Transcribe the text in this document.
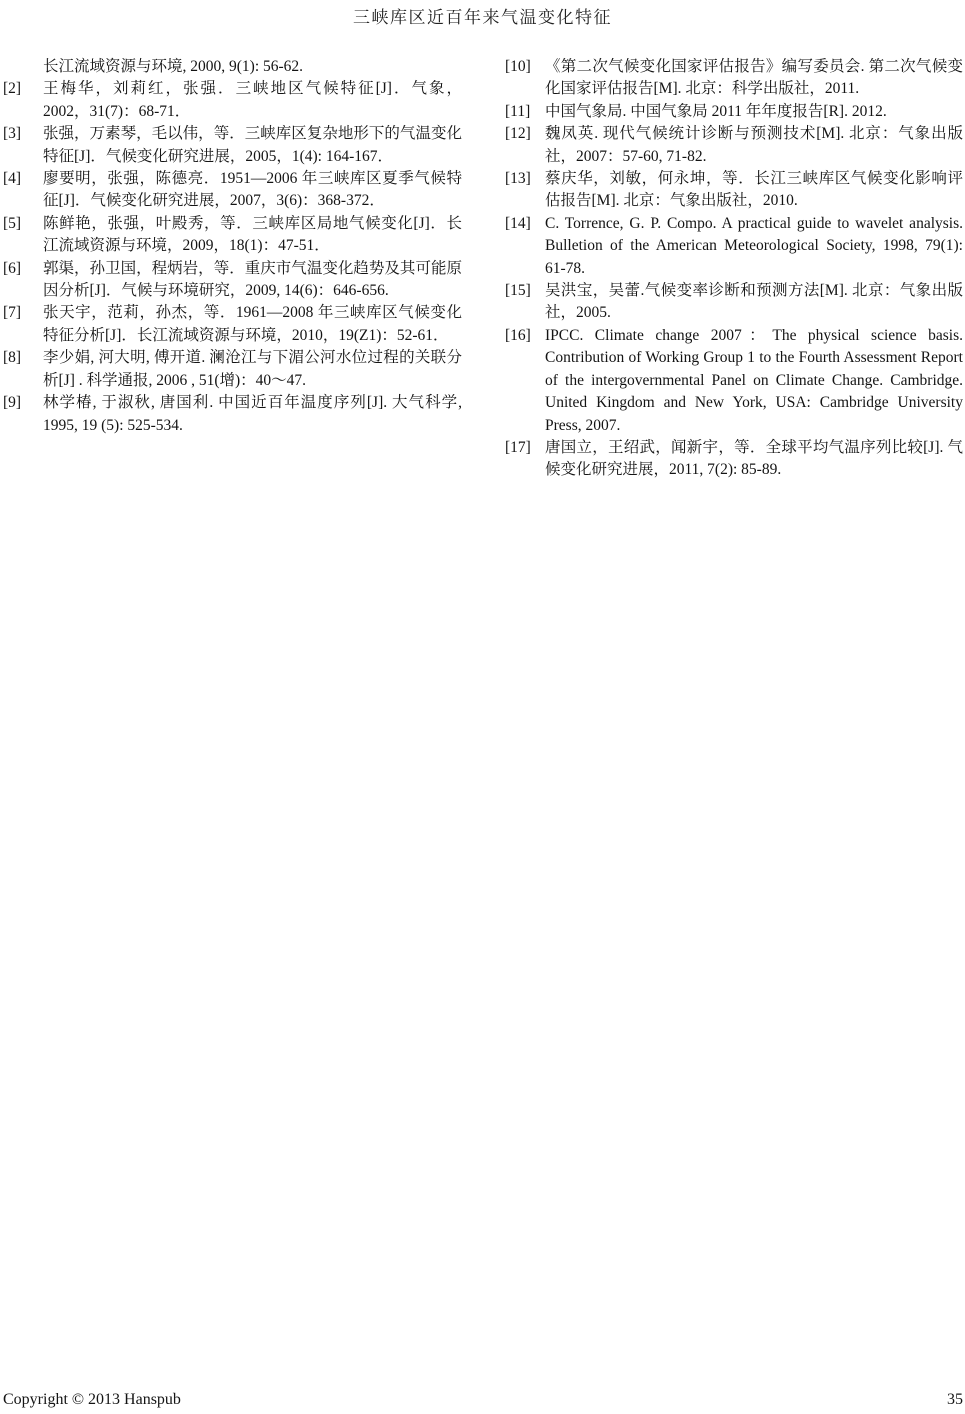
三峡库区近百年来气温变化特征
长江流域资源与环境, 2000, 9(1): 56-62.
[2]	王梅华，刘莉红，张强．三峡地区气候特征[J]．气象，2002，31(7)：68-71．
[3]	张强，万素琴，毛以伟，等．三峡库区复杂地形下的气温变化特征[J]．气候变化研究进展，2005，1(4): 164-167．
[4]	廖要明，张强，陈德亮．1951—2006 年三峡库区夏季气候特征[J]．气候变化研究进展，2007，3(6)：368-372．
[5]	陈鲜艳，张强，叶殿秀，等．三峡库区局地气候变化[J]．长江流域资源与环境，2009，18(1)：47-51．
[6]	郭渠，孙卫国，程炳岩，等．重庆市气温变化趋势及其可能原因分析[J]．气候与环境研究，2009, 14(6)：646-656.
[7]	张天宇，范莉，孙杰，等．1961—2008 年三峡库区气候变化特征分析[J]．长江流域资源与环境，2010，19(Z1)：52-61．
[8]	李少娟, 河大明, 傅开道. 澜沧江与下湄公河水位过程的关联分析[J] . 科学通报, 2006 , 51(增)：40～47.
[9]	林学椿, 于淑秋, 唐国利. 中国近百年温度序列[J]. 大气科学, 1995, 19 (5): 525-534.
[10] 《第二次气候变化国家评估报告》编写委员会. 第二次气候变化国家评估报告[M]. 北京：科学出版社，2011.
[11] 中国气象局. 中国气象局 2011 年年度报告[R]. 2012.
[12] 魏凤英. 现代气候统计诊断与预测技术[M]. 北京：气象出版社，2007：57-60, 71-82.
[13] 蔡庆华，刘敏，何永坤，等．长江三峡库区气候变化影响评估报告[M]. 北京：气象出版社，2010.
[14] C. Torrence, G. P. Compo. A practical guide to wavelet analysis. Bulletion of the American Meteorological Society, 1998, 79(1): 61-78.
[15] 吴洪宝，吴蕾.气候变率诊断和预测方法[M]. 北京：气象出版社，2005.
[16] IPCC. Climate change 2007：The physical science basis. Contribution of Working Group 1 to the Fourth Assessment Report of the intergovernmental Panel on Climate Change. Cambridge. United Kingdom and New York, USA: Cambridge University Press, 2007.
[17] 唐国立，王绍武，闻新宇，等．全球平均气温序列比较[J]. 气候变化研究进展，2011, 7(2): 85-89.
Copyright © 2013 Hanspub	35
